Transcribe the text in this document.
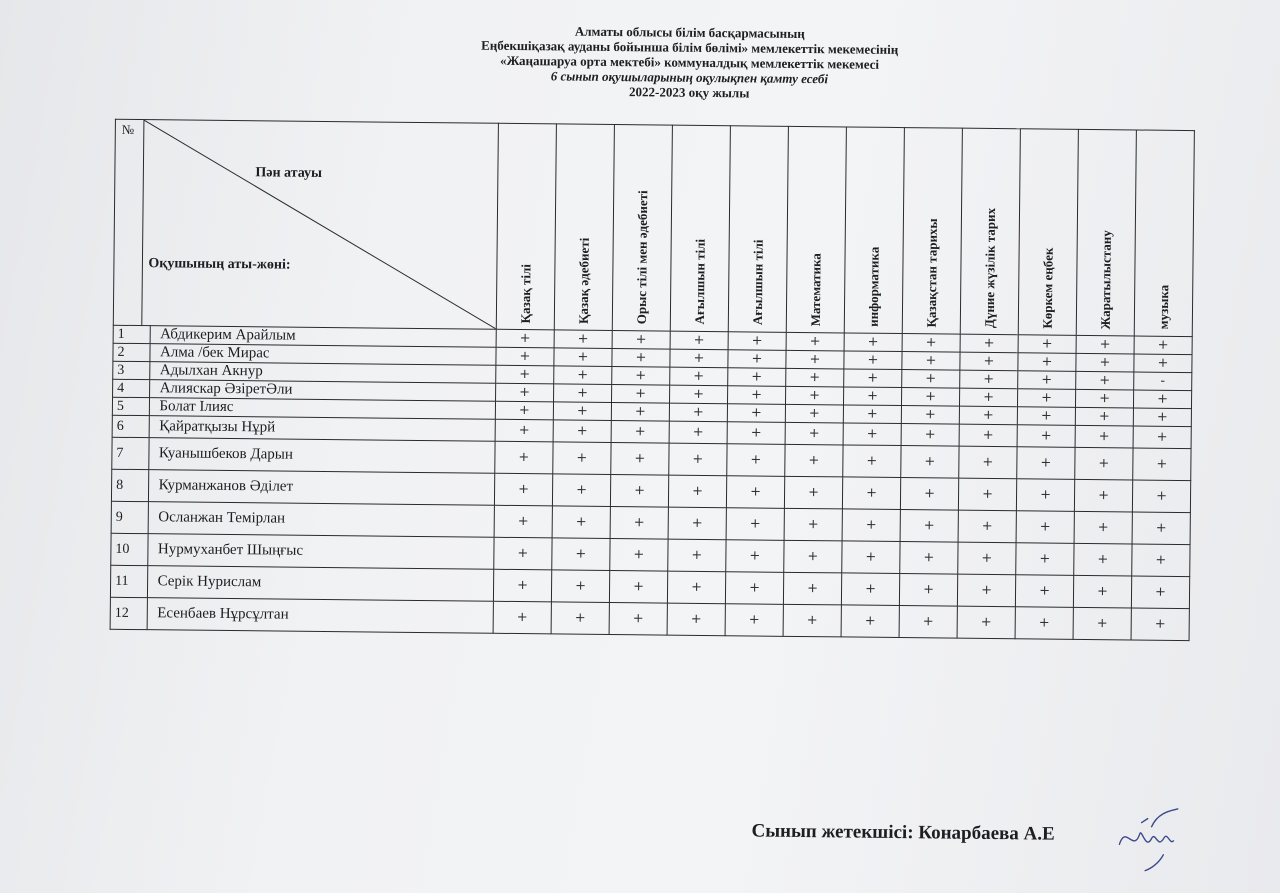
Алматы облысы білім басқармасының
Еңбекшіқазақ ауданы бойынша білім бөлімі» мемлекеттік мекемесінің
«Жаңашаруа орта мектебі» коммуналдық мемлекеттік мекемесі
6 сынып оқушыларының оқулықпен қамту есебі
2022-2023 оқу жылы
№
Пән атауы
Оқушының аты-жөні:		Қазақ тілі	Қазақ әдебиеті	Орыс тілі мен әдебиеті	Ағылшын тілі	Ағылшын тілі	Математика	информатика	Қазақстан тарихы	Дүние жүзілік тарих	Көркем еңбек	Жаратылыстану	музыка

1	Абдикерим Арайлым	+	+	+	+	+	+	+	+	+	+	+	+
2	Алма /бек Мирас	+	+	+	+	+	+	+	+	+	+	+	+
3	Адылхан Акнур	+	+	+	+	+	+	+	+	+	+	+	-
4	Алияскар ӘзіретӘли	+	+	+	+	+	+	+	+	+	+	+	+
5	Болат Ілияс	+	+	+	+	+	+	+	+	+	+	+	+
6	Қайратқызы Нұрй	+	+	+	+	+	+	+	+	+	+	+	+
7	Куанышбеков Дарын	+	+	+	+	+	+	+	+	+	+	+	+
8	Курманжанов Әділет	+	+	+	+	+	+	+	+	+	+	+	+
9	Осланжан Темірлан	+	+	+	+	+	+	+	+	+	+	+	+
10	Нурмуханбет Шыңғыс	+	+	+	+	+	+	+	+	+	+	+	+
11	Серік Нурислам	+	+	+	+	+	+	+	+	+	+	+	+
12	Есенбаев Нұрсұлтан	+	+	+	+	+	+	+	+	+	+	+	+
Сынып жетекшісі: Конарбаева А.Е
